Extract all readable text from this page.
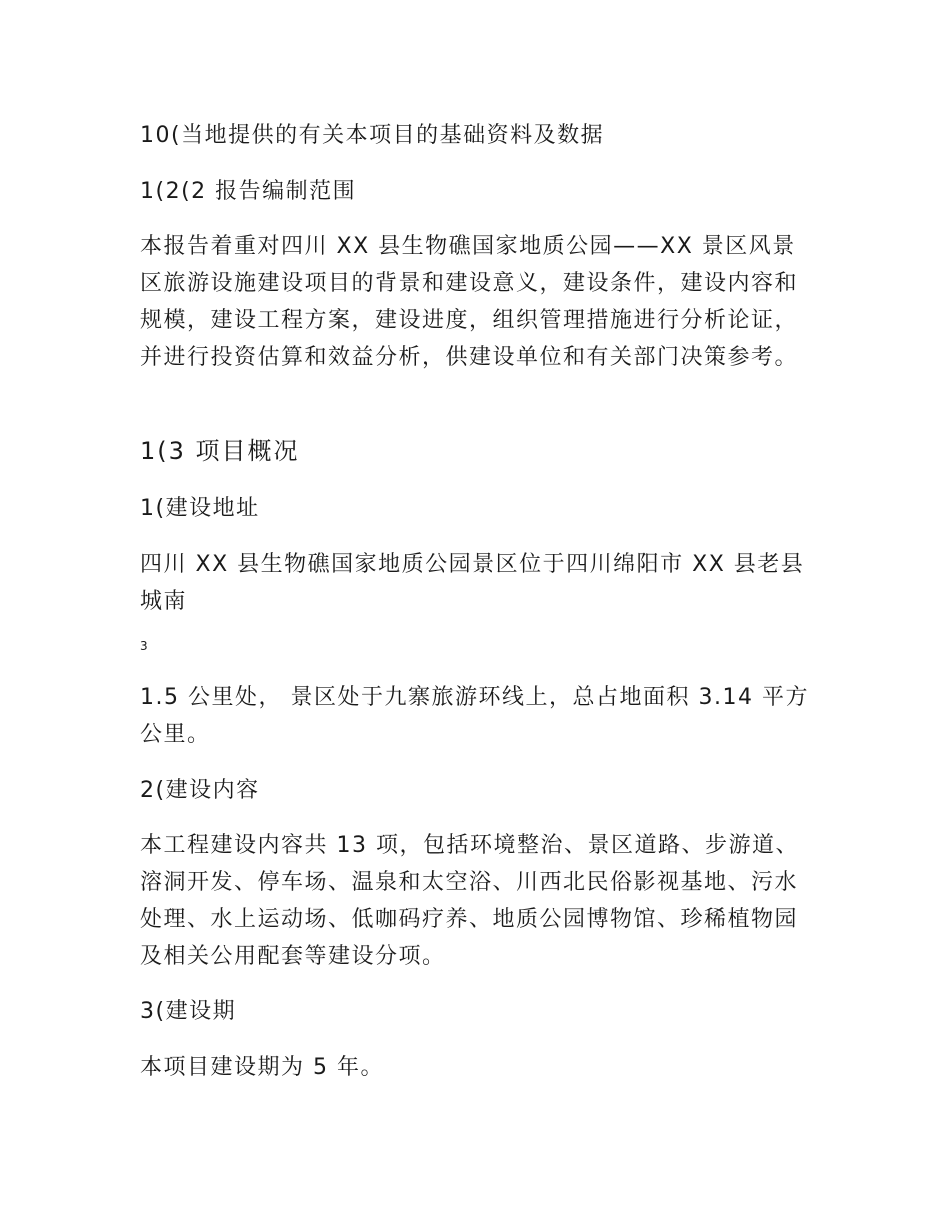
10(当地提供的有关本项目的基础资料及数据

1(2(2 报告编制范围

本报告着重对四川 XX 县生物礁国家地质公园——XX 景区风景区旅游设施建设项目的背景和建设意义，建设条件，建设内容和规模，建设工程方案，建设进度，组织管理措施进行分析论证，并进行投资估算和效益分析，供建设单位和有关部门决策参考。

1(3 项目概况

1(建设地址

四川 XX 县生物礁国家地质公园景区位于四川绵阳市 XX 县老县城南

3

1.5 公里处， 景区处于九寨旅游环线上，总占地面积 3.14 平方公里。

2(建设内容

本工程建设内容共 13 项，包括环境整治、景区道路、步游道、溶洞开发、停车场、温泉和太空浴、川西北民俗影视基地、污水处理、水上运动场、低咖码疗养、地质公园博物馆、珍稀植物园及相关公用配套等建设分项。

3(建设期

本项目建设期为 5 年。
